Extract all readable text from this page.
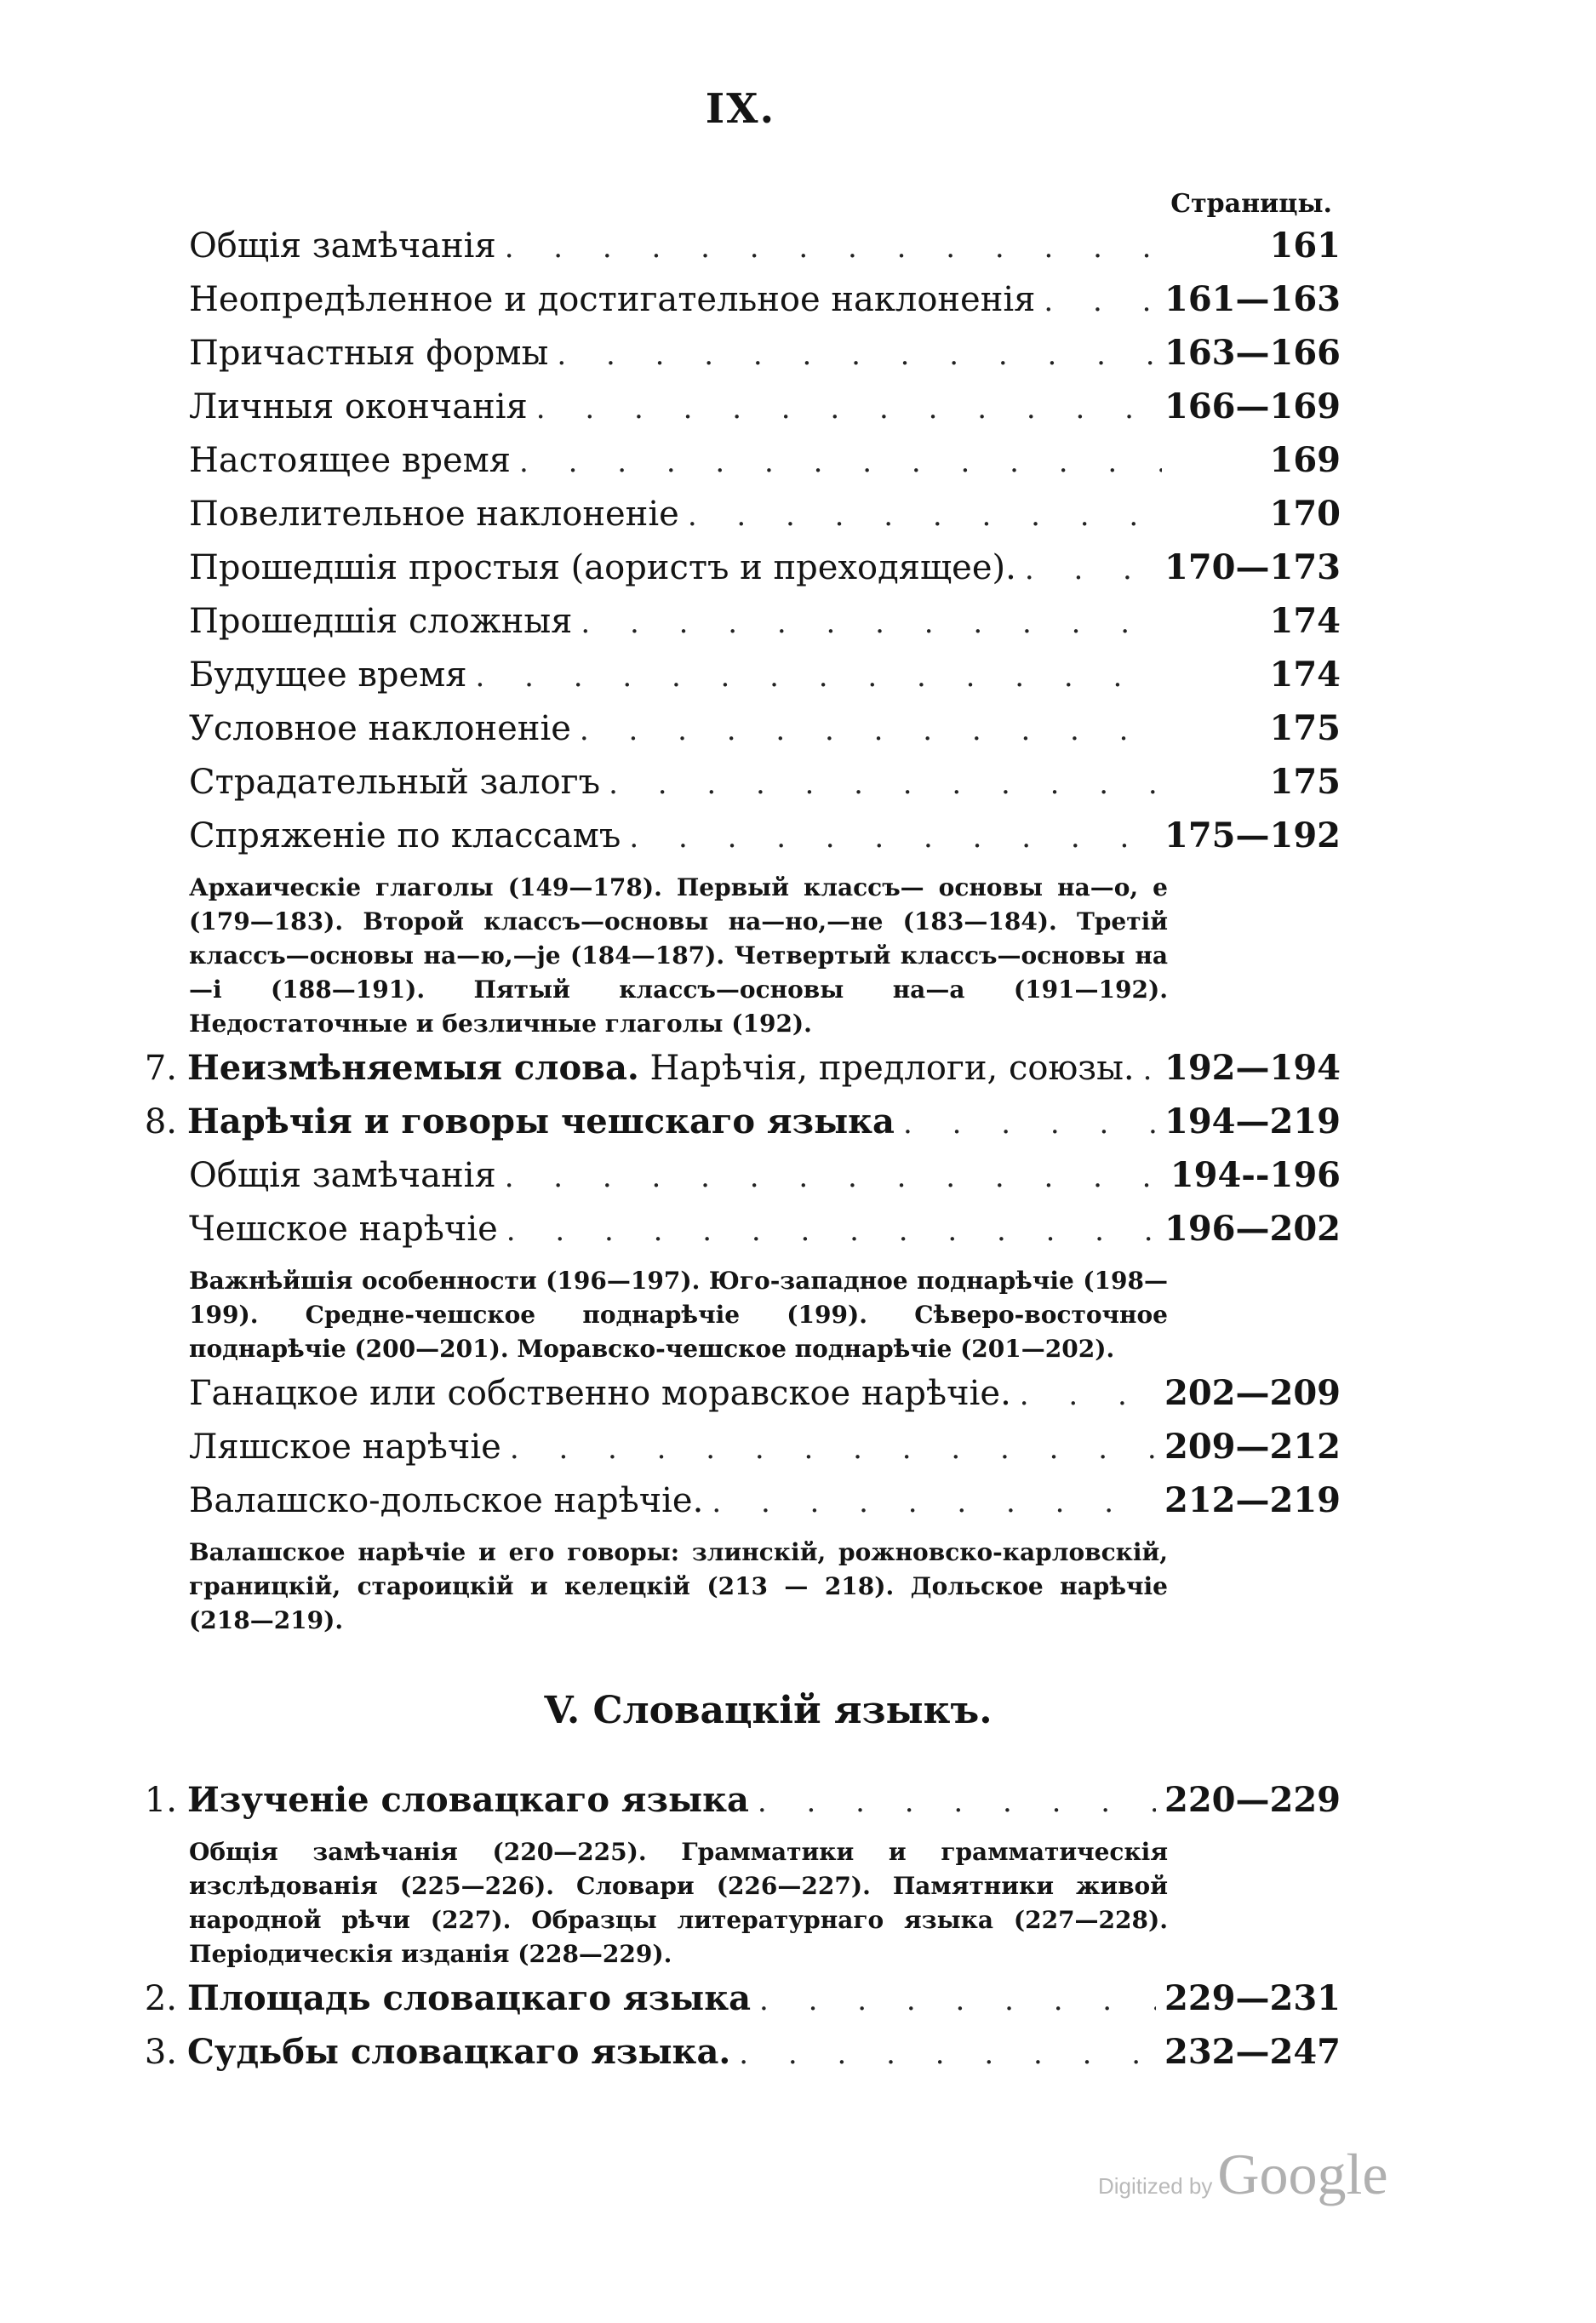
IX.
Страницы.
Общія замѣчанія . . .	161
Неопредѣленное и достигательное наклоненія . . .	161—163
Причастныя формы . . .	163—166
Личныя окончанія . . .	166—169
Настоящее время . . .	169
Повелительное наклоненіе . . .	170
Прошедшія простыя (аористъ и преходящее). . . .	170—173
Прошедшія сложныя . . .	174
Будущее время . . .	174
Условное наклоненіе . . .	175
Страдательный залогъ . . .	175
Спряженіе по классамъ . . .	175—192
Архаическіе глаголы (149—178). Первый классъ— основы на—о, е (179—183). Второй классъ—основы на—но,—не (183—184). Третій классъ—основы на—ю,—je (184—187). Четвертый классъ—основы на—i (188—191). Пятый классъ—основы на—а (191—192). Недостаточные и безличные глаголы (192).
7. Неизмѣняемыя слова. Нарѣчія, предлоги, союзы. . . . 192—194
8. Нарѣчія и говоры чешскаго языка . . .	194—219
Общія замѣчанія . . .	194--196
Чешское нарѣчіе . . .	196—202
Важнѣйшія особенности (196—197). Юго-западное поднарѣчіе (198—199). Средне-чешское поднарѣчіе (199). Сѣверо-восточное поднарѣчіе (200—201). Моравско-чешское поднарѣчіе (201—202).
Ганацкое или собственно моравское нарѣчіе. . . .	202—209
Ляшское нарѣчіе . . .	209—212
Валашско-дольское нарѣчіе. . . .	212—219
Валашское нарѣчіе и его говоры: злинскій, рожновско-карловскій, границкій, староицкій и келецкій (213 — 218). Дольское нарѣчіе (218—219).
V. Словацкій языкъ.
1. Изученіе словацкаго языка . . .	220—229
Общія замѣчанія (220—225). Грамматики и грамматическія изслѣдованія (225—226). Словари (226—227). Памятники живой народной рѣчи (227). Образцы литературнаго языка (227—228). Періодическія изданія (228—229).
2. Площадь словацкаго языка . . .	229—231
3. Судьбы словацкаго языка. . . .	232—247
Digitized by Google
